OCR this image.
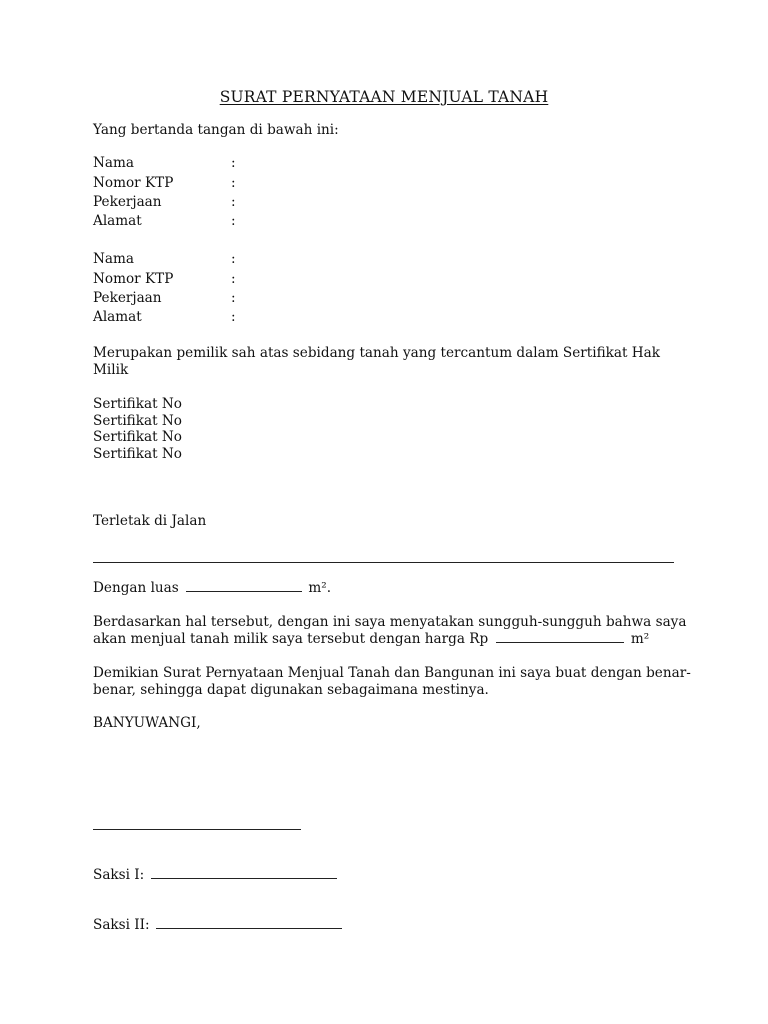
SURAT PERNYATAAN MENJUAL TANAH
Yang bertanda tangan di bawah ini:
Nama	:
Nomor KTP	:
Pekerjaan	:
Alamat	:
Nama	:
Nomor KTP	:
Pekerjaan	:
Alamat	:
Merupakan pemilik sah atas sebidang tanah yang tercantum dalam Sertifikat Hak Milik
Sertifikat No
Sertifikat No
Sertifikat No
Sertifikat No
Terletak di Jalan
Dengan luas	m².
Berdasarkan hal tersebut, dengan ini saya menyatakan sungguh-sungguh bahwa saya
akan menjual tanah milik saya tersebut dengan harga Rp	m²
Demikian Surat Pernyataan Menjual Tanah dan Bangunan ini saya buat dengan benar-
benar, sehingga dapat digunakan sebagaimana mestinya.
BANYUWANGI,
Saksi I:
Saksi II:
